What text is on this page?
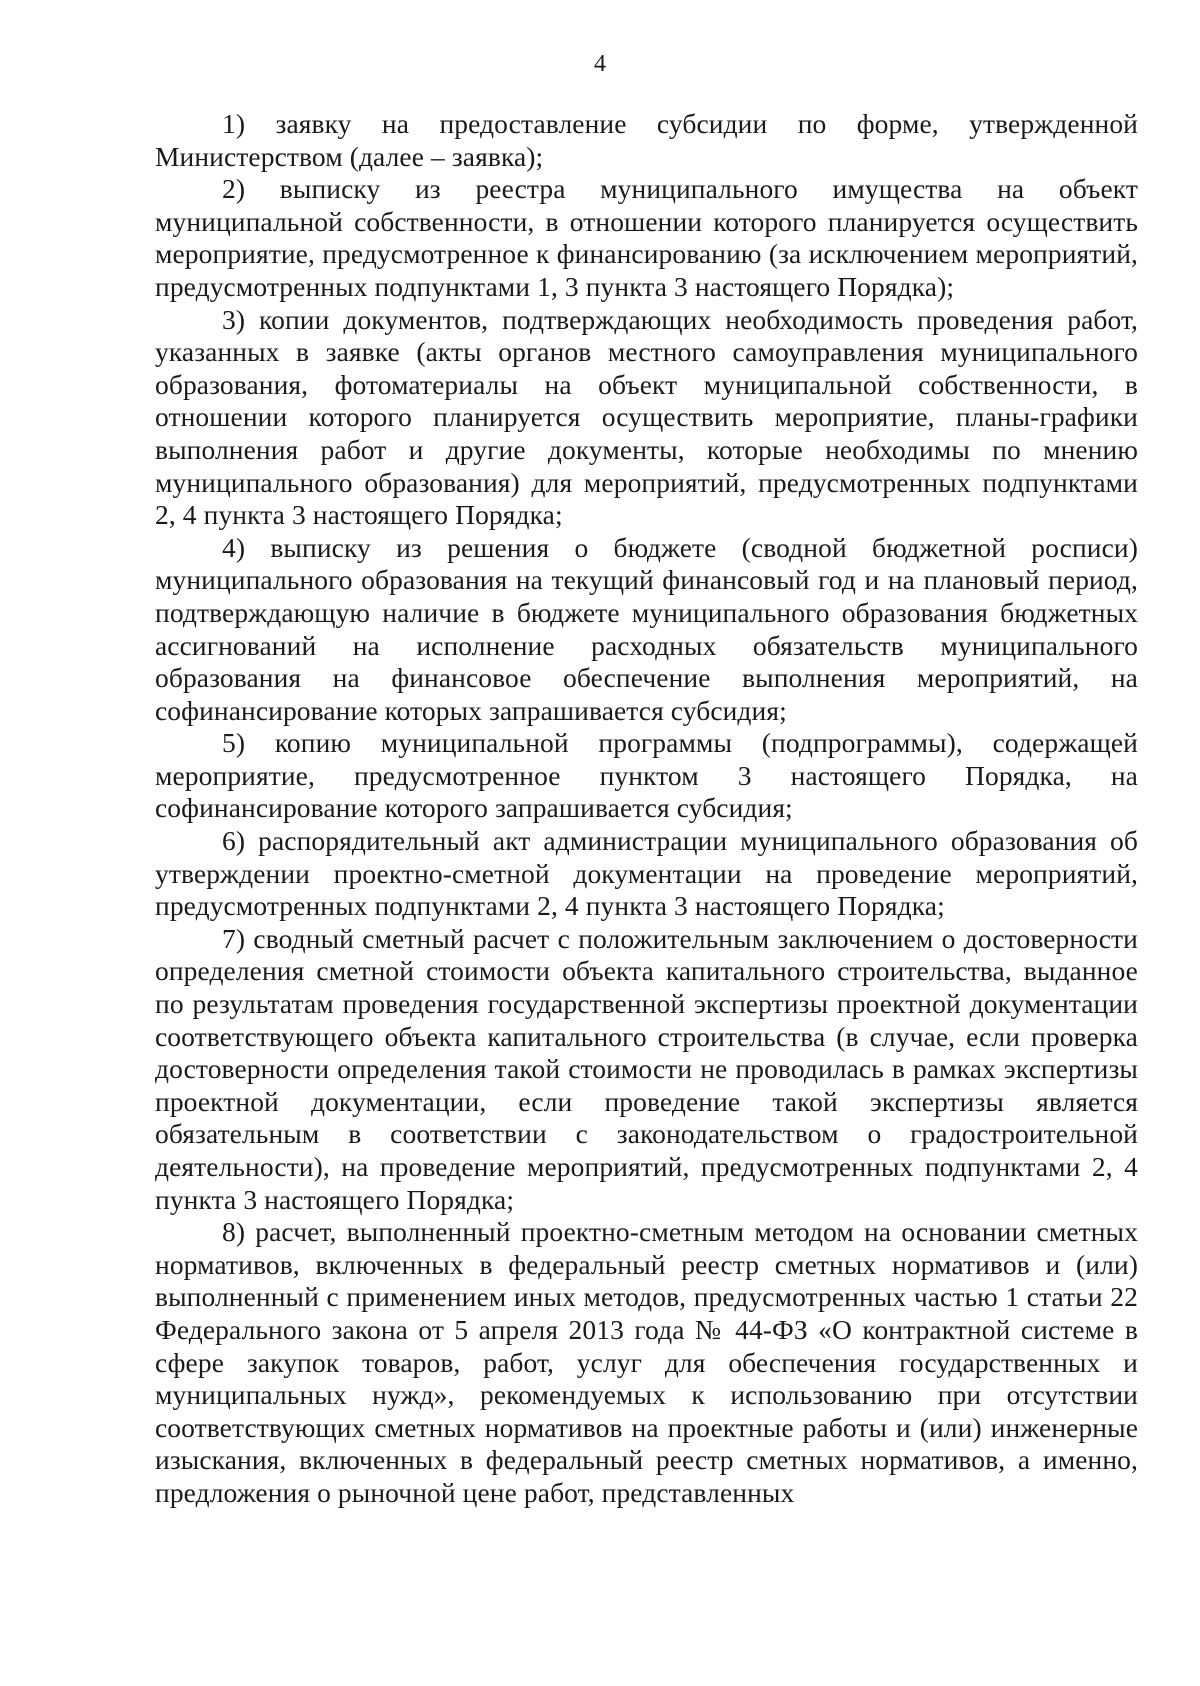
4

1) заявку на предоставление субсидии по форме, утвержденной Министерством (далее – заявка);

2) выписку из реестра муниципального имущества на объект муниципальной собственности, в отношении которого планируется осуществить мероприятие, предусмотренное к финансированию (за исключением мероприятий, предусмотренных подпунктами 1, 3 пункта 3 настоящего Порядка);

3) копии документов, подтверждающих необходимость проведения работ, указанных в заявке (акты органов местного самоуправления муниципального образования, фотоматериалы на объект муниципальной собственности, в отношении которого планируется осуществить мероприятие, планы-графики выполнения работ и другие документы, которые необходимы по мнению муниципального образования) для мероприятий, предусмотренных подпунктами 2, 4 пункта 3 настоящего Порядка;

4) выписку из решения о бюджете (сводной бюджетной росписи) муниципального образования на текущий финансовый год и на плановый период, подтверждающую наличие в бюджете муниципального образования бюджетных ассигнований на исполнение расходных обязательств муниципального образования на финансовое обеспечение выполнения мероприятий, на софинансирование которых запрашивается субсидия;

5) копию муниципальной программы (подпрограммы), содержащей мероприятие, предусмотренное пунктом 3 настоящего Порядка, на софинансирование которого запрашивается субсидия;

6) распорядительный акт администрации муниципального образования об утверждении проектно-сметной документации на проведение мероприятий, предусмотренных подпунктами 2, 4 пункта 3 настоящего Порядка;

7) сводный сметный расчет с положительным заключением о достоверности определения сметной стоимости объекта капитального строительства, выданное по результатам проведения государственной экспертизы проектной документации соответствующего объекта капитального строительства (в случае, если проверка достоверности определения такой стоимости не проводилась в рамках экспертизы проектной документации, если проведение такой экспертизы является обязательным в соответствии с законодательством о градостроительной деятельности), на проведение мероприятий, предусмотренных подпунктами 2, 4 пункта 3 настоящего Порядка;

8) расчет, выполненный проектно-сметным методом на основании сметных нормативов, включенных в федеральный реестр сметных нормативов и (или) выполненный с применением иных методов, предусмотренных частью 1 статьи 22 Федерального закона от 5 апреля 2013 года № 44-ФЗ «О контрактной системе в сфере закупок товаров, работ, услуг для обеспечения государственных и муниципальных нужд», рекомендуемых к использованию при отсутствии соответствующих сметных нормативов на проектные работы и (или) инженерные изыскания, включенных в федеральный реестр сметных нормативов, а именно, предложения о рыночной цене работ, представленных
